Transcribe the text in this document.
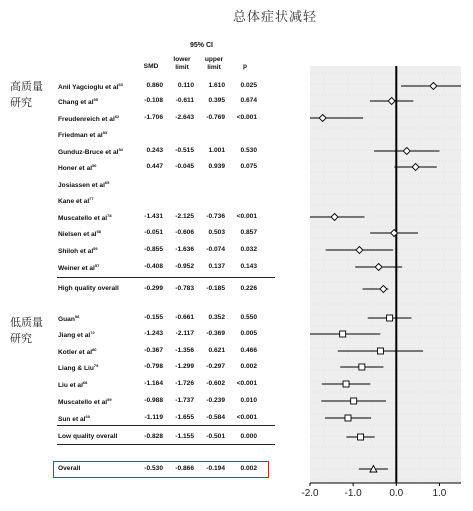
总体症状减轻
95% CI
SMD
lower
limit
upper
limit	p
高质量
研究
低质量
研究
Anil Yagcioglu et $al^{53}$	0.860	0.110	1.610	0.025
Chang et $al^{55}$	-0.108	-0.611	0.395	0.674
Freudenreich et $al^{62}$	-1.706	-2.643	-0.769	<0.001
Friedman et $al^{53}$
Gunduz-Bruce et $al^{54}$	0.243	-0.515	1.001	0.530
Honer et $al^{56}$	0.447	-0.045	0.939	0.075
Josiassen et $al^{65}$
Kane et $al^{77}$
Muscatello et $al^{78}$	-1.431	-2.125	-0.736	<0.001
Nielsen et $al^{58}$	-0.051	-0.606	0.503	0.857
Shiloh et $al^{59}$	-0.855	-1.636	-0.074	0.032
Weiner et $al^{57}$	-0.408	-0.952	0.137	0.143
High quality overall	-0.299	-0.783	-0.185	0.226
Guan$^{58}$	-0.155	-0.661	0.352	0.550
Jiang et $al^{72}$	-1.243	-2.117	-0.369	0.005
Kotler et $al^{80}$	-0.367	-1.356	0.621	0.466
Liang & Liu$^{79}$	-0.798	-1.299	-0.297	0.002
Liu et $al^{68}$	-1.164	-1.726	-0.602	<0.001
Muscatello et $al^{59}$	-0.988	-1.737	-0.239	0.010
Sun et $al^{60}$	-1.119	-1.655	-0.584	<0.001
Low quality overall	-0.828	-1.155	-0.501	0.000
Overall	-0.530	-0.866	-0.194	0.002
-2.0	-1.0	0.0	1.0
